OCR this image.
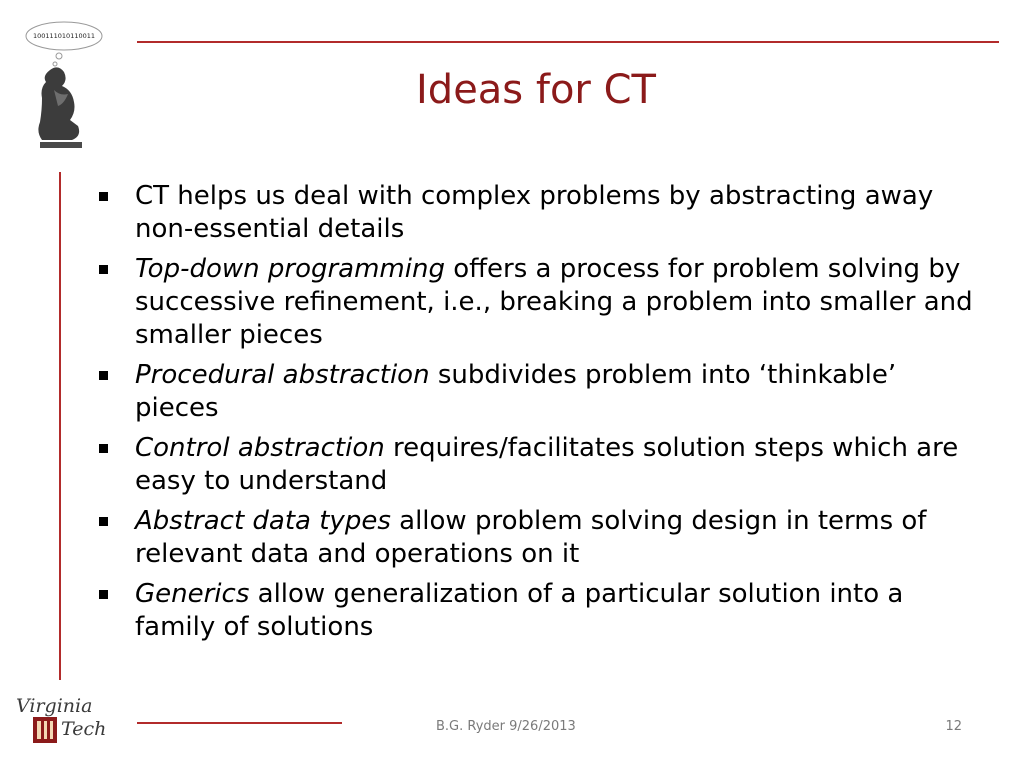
100111010110011
Ideas for CT
CT helps us deal with complex problems by abstracting away non-essential details
Top-down programming offers a process for problem solving by successive refinement, i.e., breaking a problem into smaller and smaller pieces
Procedural abstraction subdivides problem into ‘thinkable’ pieces
Control abstraction requires/facilitates solution steps which are easy to understand
Abstract data types allow problem solving design in terms of relevant data and operations on it
Generics allow generalization of a particular solution into a family of solutions
Virginia
Tech	B.G. Ryder 9/26/2013	12
